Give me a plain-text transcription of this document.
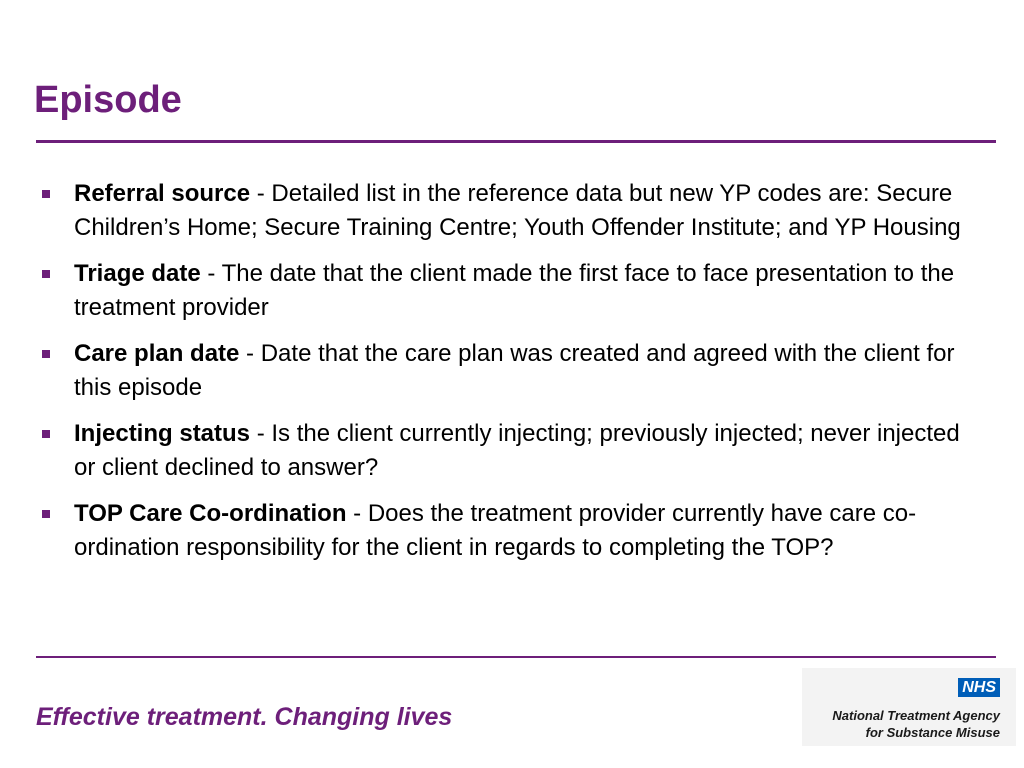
Episode
Referral source - Detailed list in the reference data but new YP codes are: Secure Children’s Home; Secure Training Centre; Youth Offender Institute; and YP Housing
Triage date - The date that the client made the first face to face presentation to the treatment provider
Care plan date - Date that the care plan was created and agreed with the client for this episode
Injecting status - Is the client currently injecting; previously injected; never injected or client declined to answer?
TOP Care Co-ordination - Does the treatment provider currently have care co-ordination responsibility for the client in regards to completing the TOP?
Effective treatment. Changing lives
NHS
National Treatment Agency
for Substance Misuse
